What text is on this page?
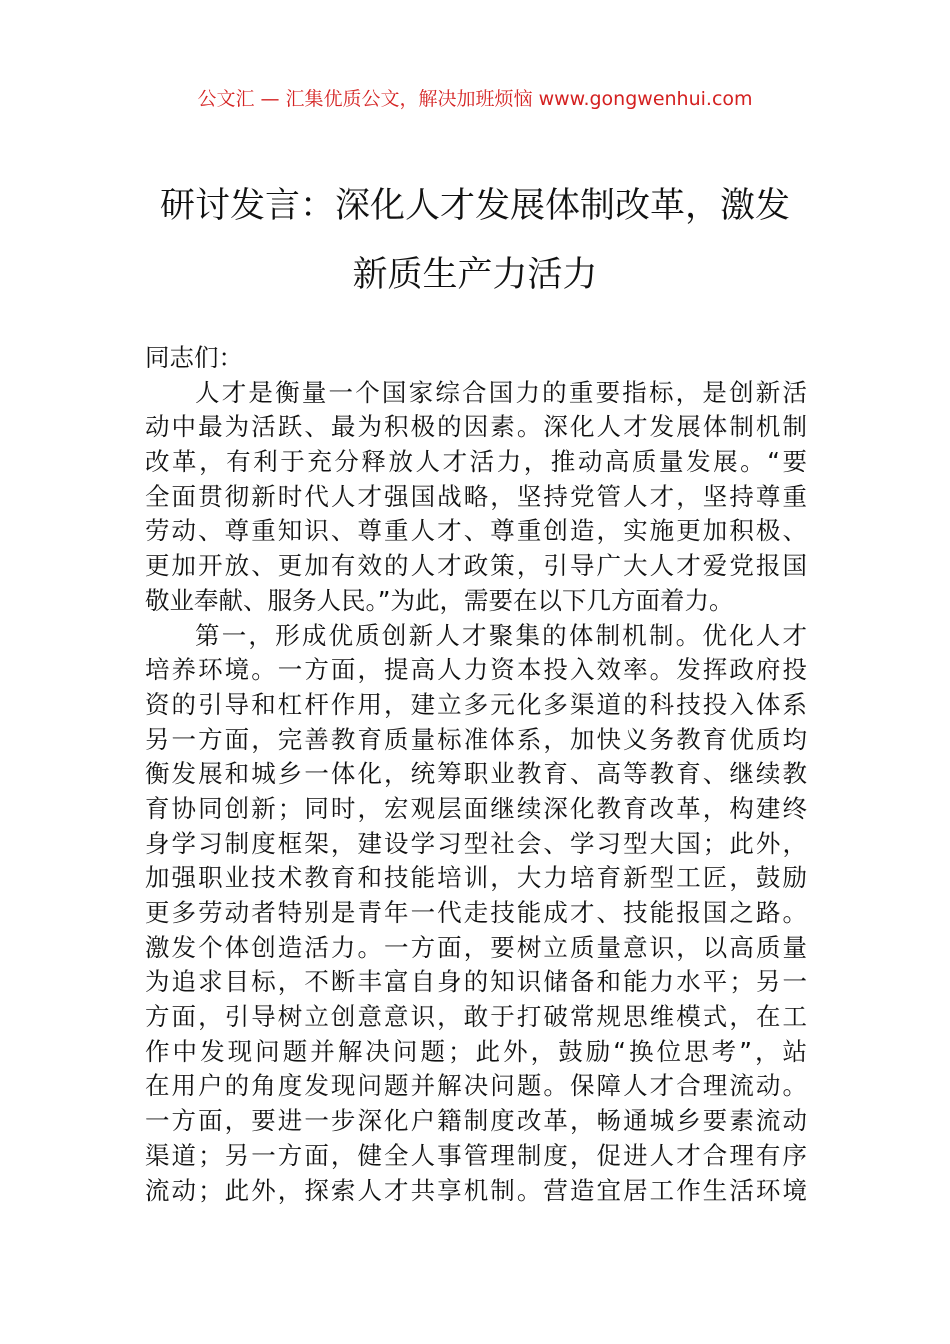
公文汇 — 汇集优质公文，解决加班烦恼 www.gongwenhui.com
研讨发言：深化人才发展体制改革，激发
新质生产力活力
同志们：
人才是衡量一个国家综合国力的重要指标，是创新活
动中最为活跃、最为积极的因素。深化人才发展体制机制
改革，有利于充分释放人才活力，推动高质量发展。“要
全面贯彻新时代人才强国战略，坚持党管人才，坚持尊重
劳动、尊重知识、尊重人才、尊重创造，实施更加积极、
更加开放、更加有效的人才政策，引导广大人才爱党报国
敬业奉献、服务人民。”为此，需要在以下几方面着力。
第一，形成优质创新人才聚集的体制机制。优化人才
培养环境。一方面，提高人力资本投入效率。发挥政府投
资的引导和杠杆作用，建立多元化多渠道的科技投入体系
另一方面，完善教育质量标准体系，加快义务教育优质均
衡发展和城乡一体化，统筹职业教育、高等教育、继续教
育协同创新；同时，宏观层面继续深化教育改革，构建终
身学习制度框架，建设学习型社会、学习型大国；此外，
加强职业技术教育和技能培训，大力培育新型工匠，鼓励
更多劳动者特别是青年一代走技能成才、技能报国之路。
激发个体创造活力。一方面，要树立质量意识，以高质量
为追求目标，不断丰富自身的知识储备和能力水平；另一
方面，引导树立创意意识，敢于打破常规思维模式，在工
作中发现问题并解决问题；此外，鼓励“换位思考”，站
在用户的角度发现问题并解决问题。保障人才合理流动。
一方面，要进一步深化户籍制度改革，畅通城乡要素流动
渠道；另一方面，健全人事管理制度，促进人才合理有序
流动；此外，探索人才共享机制。营造宜居工作生活环境
